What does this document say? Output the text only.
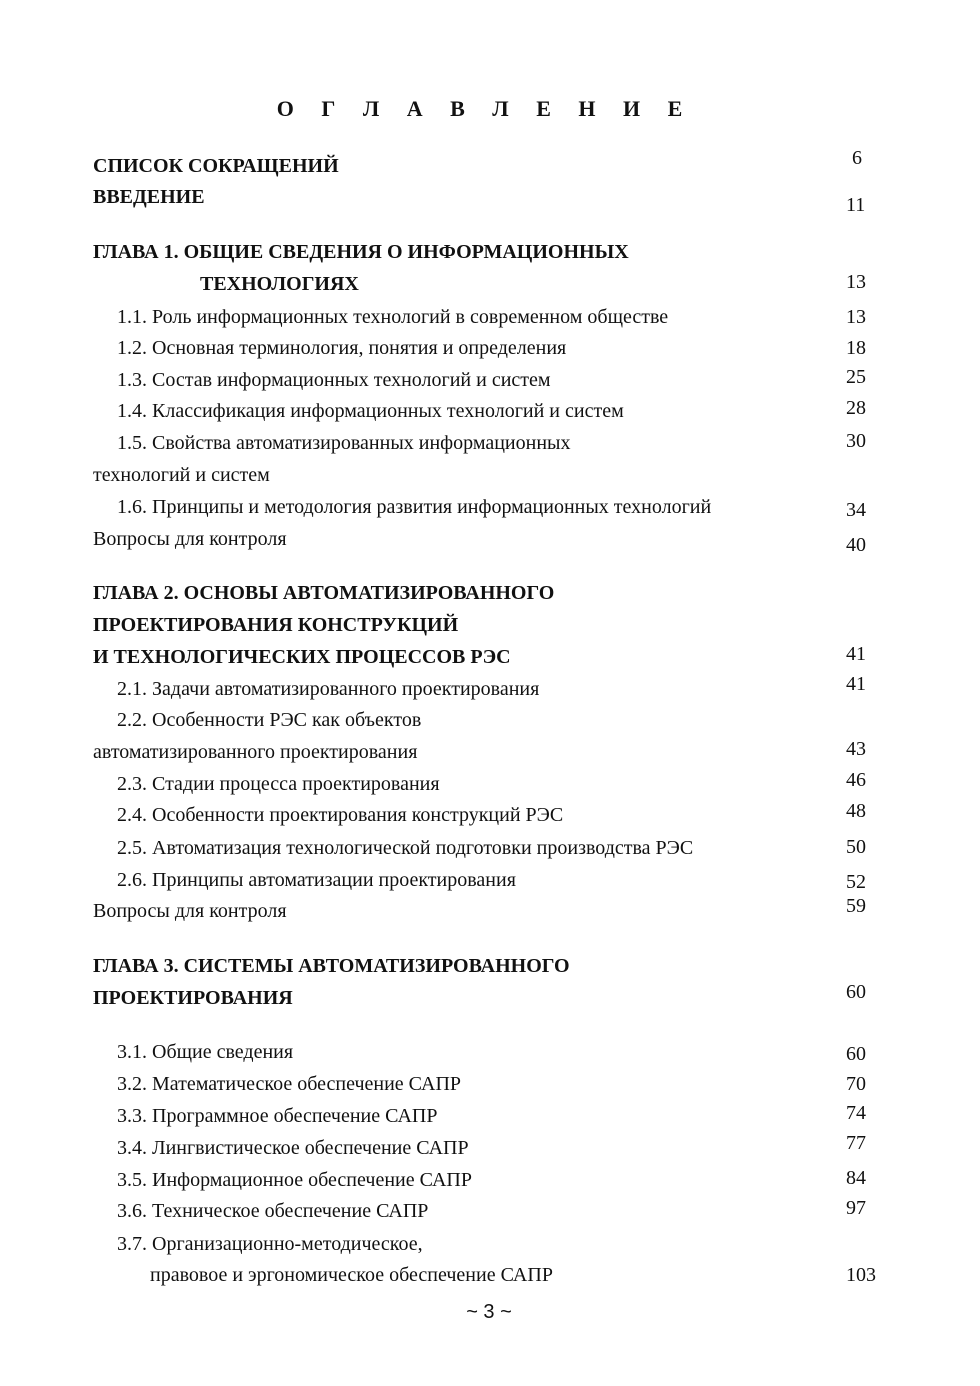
О Г Л А В Л Е Н И Е
СПИСОК СОКРАЩЕНИЙ	6
ВВЕДЕНИЕ	11
ГЛАВА 1. ОБЩИЕ СВЕДЕНИЯ О ИНФОРМАЦИОННЫХ
ТЕХНОЛОГИЯХ	13
1.1. Роль информационных технологий в современном обществе	13
1.2. Основная терминология, понятия и определения	18
1.3. Состав информационных технологий и систем	25
1.4. Классификация информационных технологий и систем	28
1.5. Свойства автоматизированных информационных	30
технологий и систем
1.6. Принципы и методология развития информационных технологий	34
Вопросы для контроля	40
ГЛАВА 2. ОСНОВЫ АВТОМАТИЗИРОВАННОГО
ПРОЕКТИРОВАНИЯ КОНСТРУКЦИЙ
И ТЕХНОЛОГИЧЕСКИХ ПРОЦЕССОВ РЭС	41
2.1. Задачи автоматизированного проектирования	41
2.2. Особенности РЭС как объектов
автоматизированного проектирования	43
2.3. Стадии процесса проектирования	46
2.4. Особенности проектирования конструкций РЭС	48
2.5. Автоматизация технологической подготовки производства РЭС	50
2.6. Принципы автоматизации проектирования	52
Вопросы для контроля	59
ГЛАВА 3. СИСТЕМЫ АВТОМАТИЗИРОВАННОГО
ПРОЕКТИРОВАНИЯ	60
3.1. Общие сведения	60
3.2. Математическое обеспечение САПР	70
3.3. Программное обеспечение САПР	74
3.4. Лингвистическое обеспечение САПР	77
3.5. Информационное обеспечение САПР	84
3.6. Техническое обеспечение САПР	97
3.7. Организационно-методическое,
правовое и эргономическое обеспечение САПР	103
~ 3 ~
